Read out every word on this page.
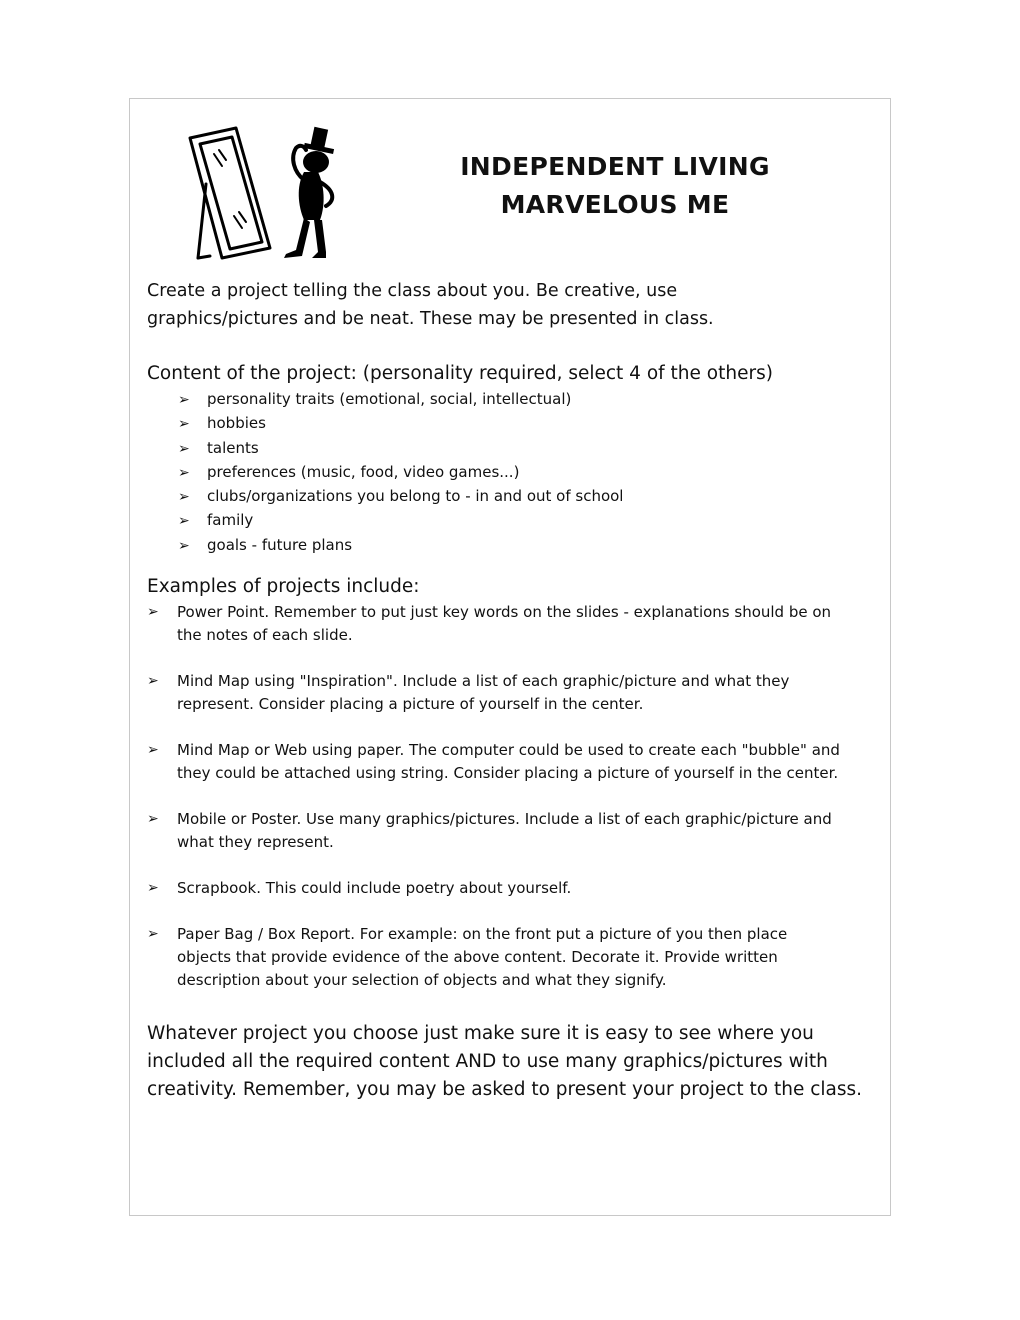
INDEPENDENT LIVING
MARVELOUS ME
Create a project telling the class about you. Be creative, use
graphics/pictures and be neat. These may be presented in class.
Content of the project: (personality required, select 4 of the others)
➢ personality traits (emotional, social, intellectual)
➢ hobbies
➢ talents
➢ preferences (music, food, video games...)
➢ clubs/organizations you belong to - in and out of school
➢ family
➢ goals - future plans
Examples of projects include:
➢ Power Point. Remember to put just key words on the slides - explanations should be on
the notes of each slide.
➢ Mind Map using "Inspiration". Include a list of each graphic/picture and what they
represent. Consider placing a picture of yourself in the center.
➢ Mind Map or Web using paper. The computer could be used to create each "bubble" and
they could be attached using string. Consider placing a picture of yourself in the center.
➢ Mobile or Poster. Use many graphics/pictures. Include a list of each graphic/picture and
what they represent.
➢ Scrapbook. This could include poetry about yourself.
➢ Paper Bag / Box Report. For example: on the front put a picture of you then place
objects that provide evidence of the above content. Decorate it. Provide written
description about your selection of objects and what they signify.
Whatever project you choose just make sure it is easy to see where you
included all the required content AND to use many graphics/pictures with
creativity. Remember, you may be asked to present your project to the class.
